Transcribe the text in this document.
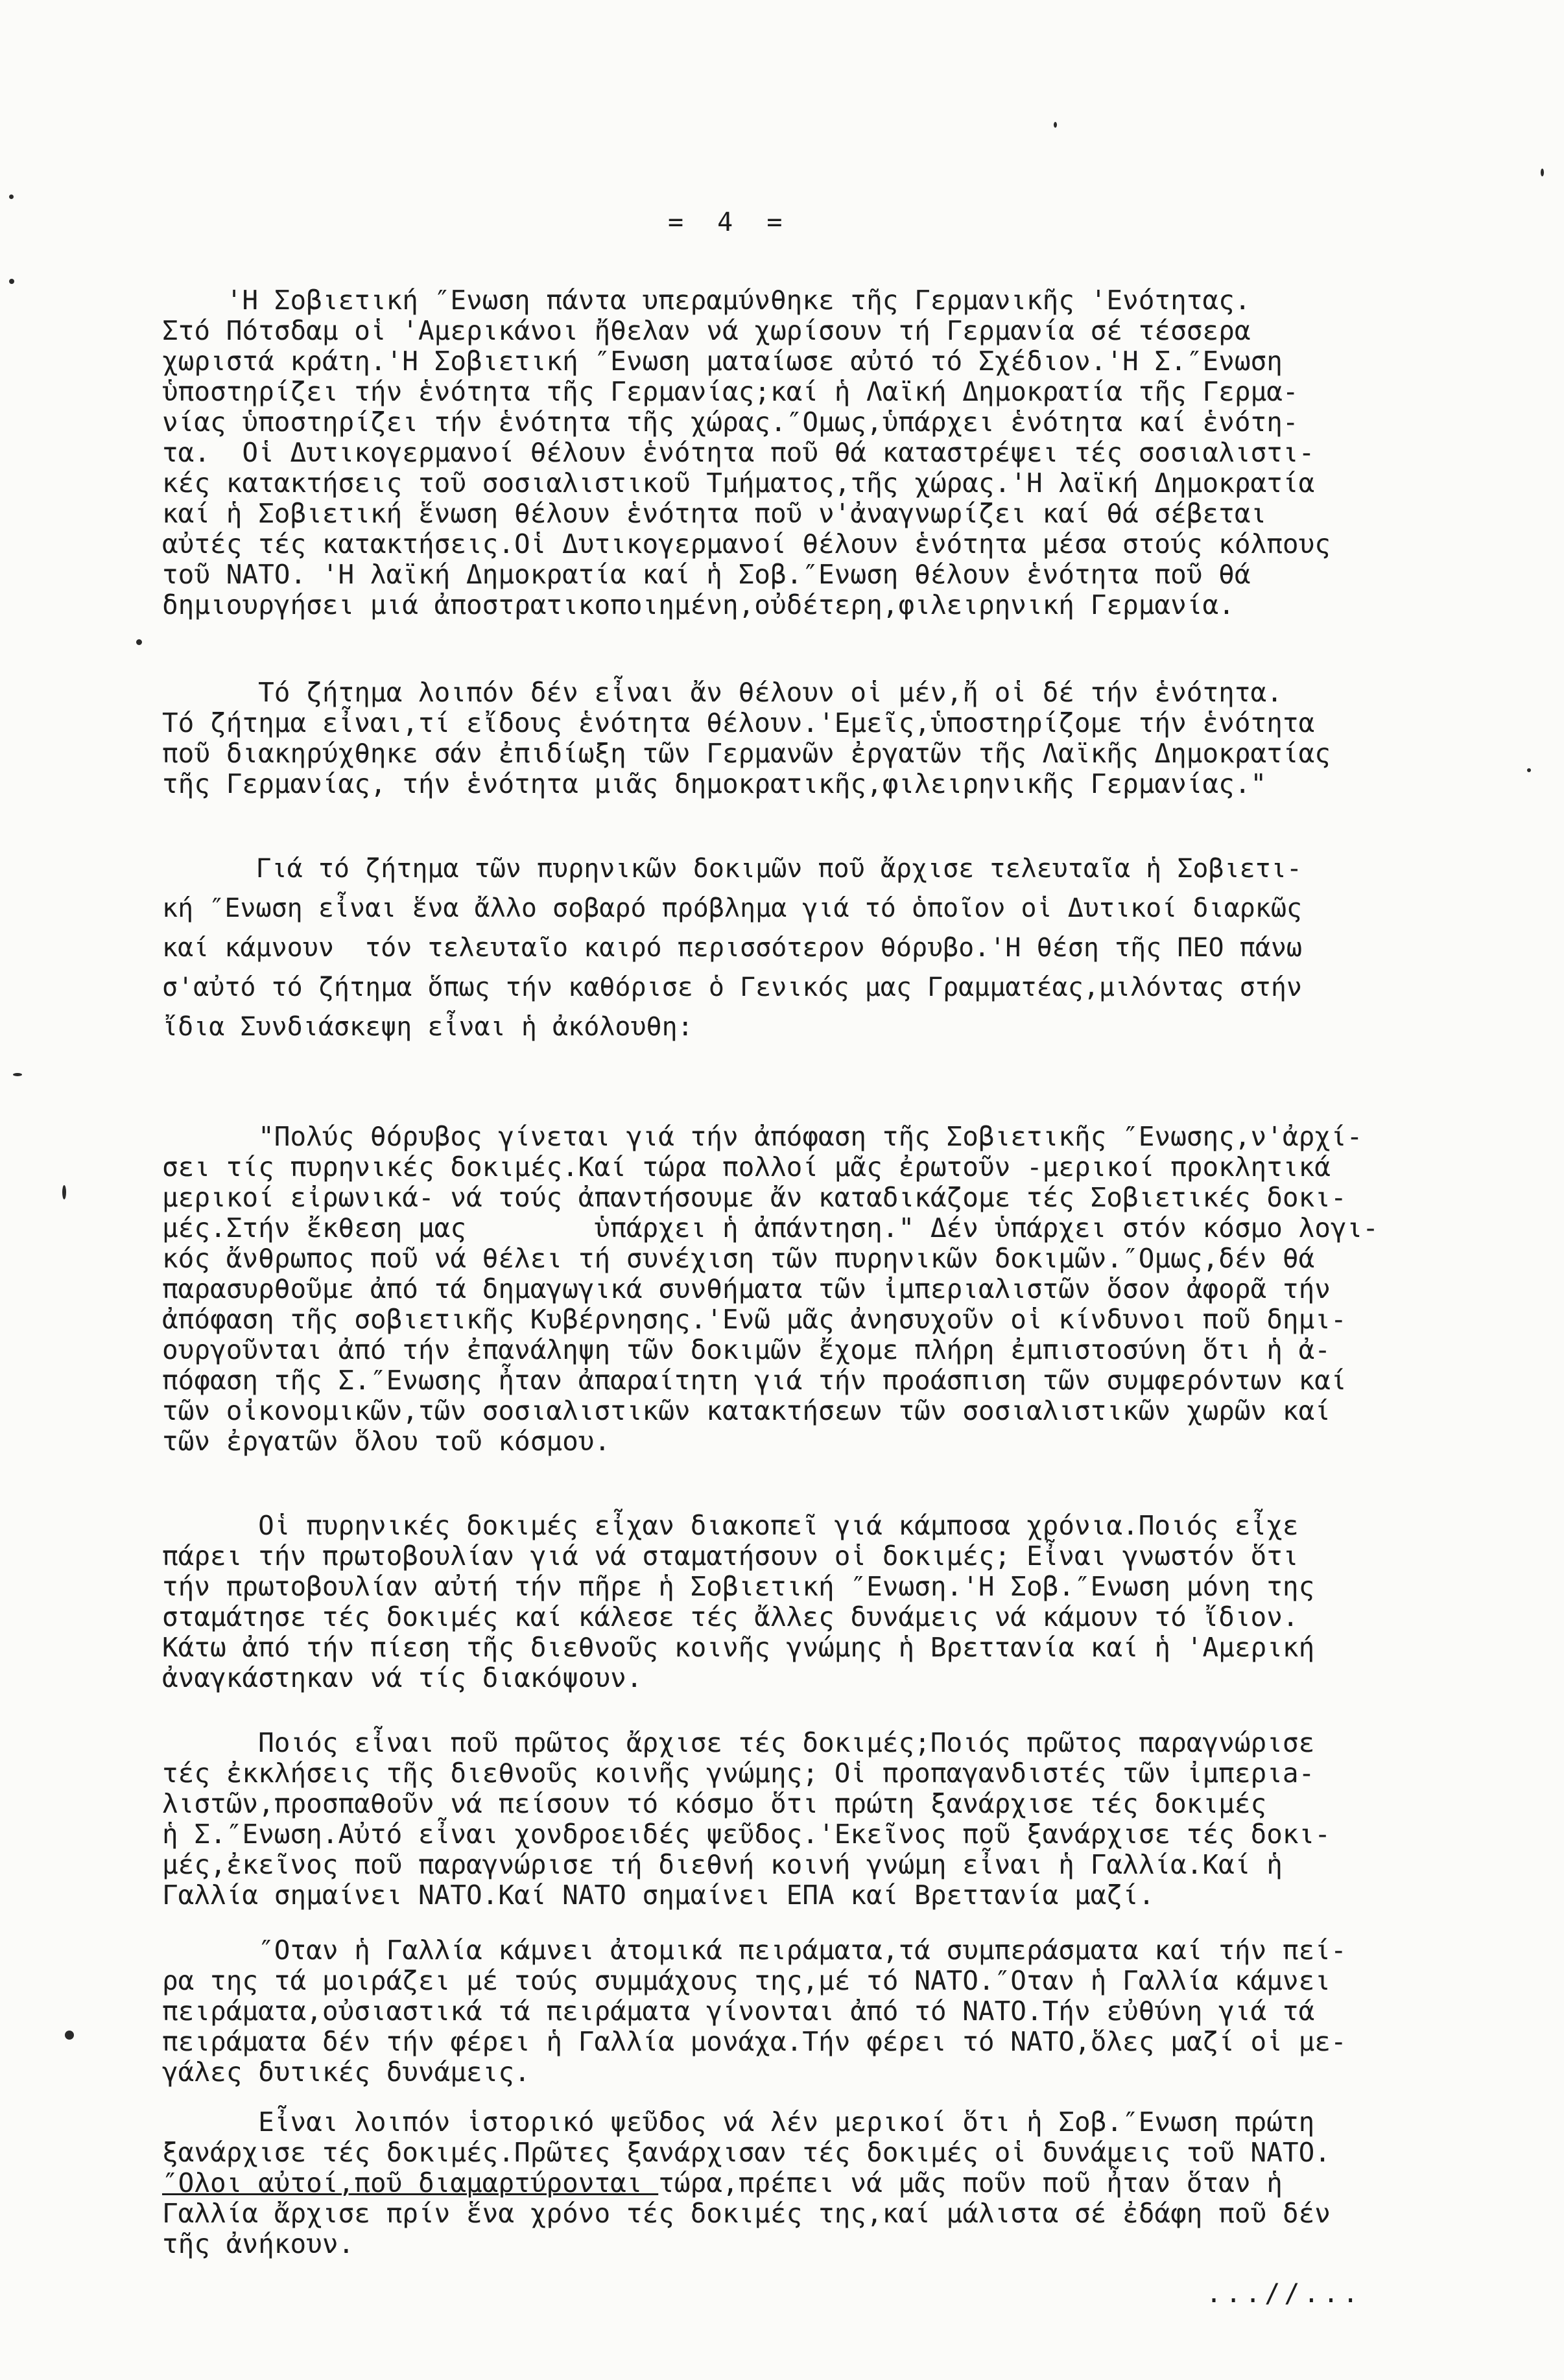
= 4 =
'Η Σοβιετική ″Ενωση πάντα υπεραμύνθηκε τῆς Γερμανικῆς 'Ενότητας.
Στό Πότσδαμ οἱ 'Αμερικάνοι ἤθελαν νά χωρίσουν τή Γερμανία σέ τέσσερα
χωριστά κράτη.'Η Σοβιετική ″Ενωση ματαίωσε αὐτό τό Σχέδιον.'Η Σ.″Ενωση
ὑποστηρίζει τήν ἑνότητα τῆς Γερμανίας;καί ἡ Λαϊκή Δημοκρατία τῆς Γερμα-
νίας ὑποστηρίζει τήν ἑνότητα τῆς χώρας.″Ομως,ὑπάρχει ἑνότητα καί ἑνότη-
τα.  Οἱ Δυτικογερμανοί θέλουν ἑνότητα ποῦ θά καταστρέψει τές σοσιαλιστι-
κές κατακτήσεις τοῦ σοσιαλιστικοῦ Τμήματος,τῆς χώρας.'Η λαϊκή Δημοκρατία
καί ἡ Σοβιετική ἕνωση θέλουν ἑνότητα ποῦ ν'ἀναγνωρίζει καί θά σέβεται
αὐτές τές κατακτήσεις.Οἱ Δυτικογερμανοί θέλουν ἑνότητα μέσα στούς κόλπους
τοῦ ΝΑΤΟ. 'Η λαϊκή Δημοκρατία καί ἡ Σοβ.″Ενωση θέλουν ἑνότητα ποῦ θά
δημιουργήσει μιά ἀποστρατικοποιημένη,οὐδέτερη,φιλειρηνική Γερμανία.
Τό ζήτημα λοιπόν δέν εἶναι ἄν θέλουν οἱ μέν,ἤ οἱ δέ τήν ἑνότητα.
Τό ζήτημα εἶναι,τί εἴδους ἑνότητα θέλουν.'Εμεῖς,ὑποστηρίζομε τήν ἑνότητα
ποῦ διακηρύχθηκε σάν ἐπιδίωξη τῶν Γερμανῶν ἐργατῶν τῆς Λαϊκῆς Δημοκρατίας
τῆς Γερμανίας, τήν ἑνότητα μιᾶς δημοκρατικῆς,φιλειρηνικῆς Γερμανίας."
Γιά τό ζήτημα τῶν πυρηνικῶν δοκιμῶν ποῦ ἄρχισε τελευταῖα ἡ Σοβιετι-
κή ″Ενωση εἶναι ἕνα ἄλλο σοβαρό πρόβλημα γιά τό ὁποῖον οἱ Δυτικοί διαρκῶς
καί κάμνουν  τόν τελευταῖο καιρό περισσότερον θόρυβο.'Η θέση τῆς ΠΕΟ πάνω
σ'αὐτό τό ζήτημα ὅπως τήν καθόρισε ὁ Γενικός μας Γραμματέας,μιλόντας στήν
ἴδια Συνδιάσκεψη εἶναι ἡ ἀκόλουθη:
"Πολύς θόρυβος γίνεται γιά τήν ἀπόφαση τῆς Σοβιετικῆς ″Ενωσης,ν'ἀρχί-
σει τίς πυρηνικές δοκιμές.Καί τώρα πολλοί μᾶς ἐρωτοῦν -μερικοί προκλητικά
μερικοί εἰρωνικά- νά τούς ἀπαντήσουμε ἄν καταδικάζομε τές Σοβιετικές δοκι-
μές.Στήν ἔκθεση μας        ὑπάρχει ἡ ἀπάντηση." Δέν ὑπάρχει στόν κόσμο λογι-
κός ἄνθρωπος ποῦ νά θέλει τή συνέχιση τῶν πυρηνικῶν δοκιμῶν.″Ομως,δέν θά
παρασυρθοῦμε ἀπό τά δημαγωγικά συνθήματα τῶν ἰμπεριαλιστῶν ὅσον ἀφορᾶ τήν
ἀπόφαση τῆς σοβιετικῆς Κυβέρνησης.'Ενῶ μᾶς ἀνησυχοῦν οἱ κίνδυνοι ποῦ δημι-
ουργοῦνται ἀπό τήν ἐπανάληψη τῶν δοκιμῶν ἔχομε πλήρη ἐμπιστοσύνη ὅτι ἡ ἀ-
πόφαση τῆς Σ.″Ενωσης ἦταν ἀπαραίτητη γιά τήν προάσπιση τῶν συμφερόντων καί
τῶν οἰκονομικῶν,τῶν σοσιαλιστικῶν κατακτήσεων τῶν σοσιαλιστικῶν χωρῶν καί
τῶν ἐργατῶν ὅλου τοῦ κόσμου.
Οἱ πυρηνικές δοκιμές εἶχαν διακοπεῖ γιά κάμποσα χρόνια.Ποιός εἶχε
πάρει τήν πρωτοβουλίαν γιά νά σταματήσουν οἱ δοκιμές; Εἶναι γνωστόν ὅτι
τήν πρωτοβουλίαν αὐτή τήν πῆρε ἡ Σοβιετική ″Ενωση.'Η Σοβ.″Ενωση μόνη της
σταμάτησε τές δοκιμές καί κάλεσε τές ἄλλες δυνάμεις νά κάμουν τό ἴδιον.
Κάτω ἀπό τήν πίεση τῆς διεθνοῦς κοινῆς γνώμης ἡ Βρεττανία καί ἡ 'Αμερική
ἀναγκάστηκαν νά τίς διακόψουν.
Ποιός εἶναι ποῦ πρῶτος ἄρχισε τές δοκιμές;Ποιός πρῶτος παραγνώρισε
τές ἐκκλήσεις τῆς διεθνοῦς κοινῆς γνώμης; Οἱ προπαγανδιστές τῶν ἰμπεριa-
λιστῶν,προσπαθοῦν νά πείσουν τό κόσμο ὅτι πρώτη ξανάρχισε τές δοκιμές
ἡ Σ.″Ενωση.Αὐτό εἶναι χονδροειδές ψεῦδος.'Εκεῖνος ποῦ ξανάρχισε τές δοκι-
μές,ἐκεῖνος ποῦ παραγνώρισε τή διεθνή κοινή γνώμη εἶναι ἡ Γαλλία.Καί ἡ
Γαλλία σημαίνει ΝΑΤΟ.Καί ΝΑΤΟ σημαίνει ΕΠΑ καί Βρεττανία μαζί.
″Οταν ἡ Γαλλία κάμνει ἀτομικά πειράματα,τά συμπεράσματα καί τήν πεί-
ρα της τά μοιράζει μέ τούς συμμάχους της,μέ τό ΝΑΤΟ.″Οταν ἡ Γαλλία κάμνει
πειράματα,οὐσιαστικά τά πειράματα γίνονται ἀπό τό ΝΑΤΟ.Τήν εὐθύνη γιά τά
πειράματα δέν τήν φέρει ἡ Γαλλία μονάχα.Τήν φέρει τό ΝΑΤΟ,ὅλες μαζί οἱ με-
γάλες δυτικές δυνάμεις.
Εἶναι λοιπόν ἱστορικό ψεῦδος νά λέν μερικοί ὅτι ἡ Σοβ.″Ενωση πρώτη
ξανάρχισε τές δοκιμές.Πρῶτες ξανάρχισαν τές δοκιμές οἱ δυνάμεις τοῦ ΝΑΤΟ.
″Ολοι αὐτοί,ποῦ διαμαρτύρονται τώρα,πρέπει νά μᾶς ποῦν ποῦ ἦταν ὅταν ἡ
Γαλλία ἄρχισε πρίν ἕνα χρόνο τές δοκιμές της,καί μάλιστα σέ ἐδάφη ποῦ δέν
τῆς ἀνήκουν.
...//...
